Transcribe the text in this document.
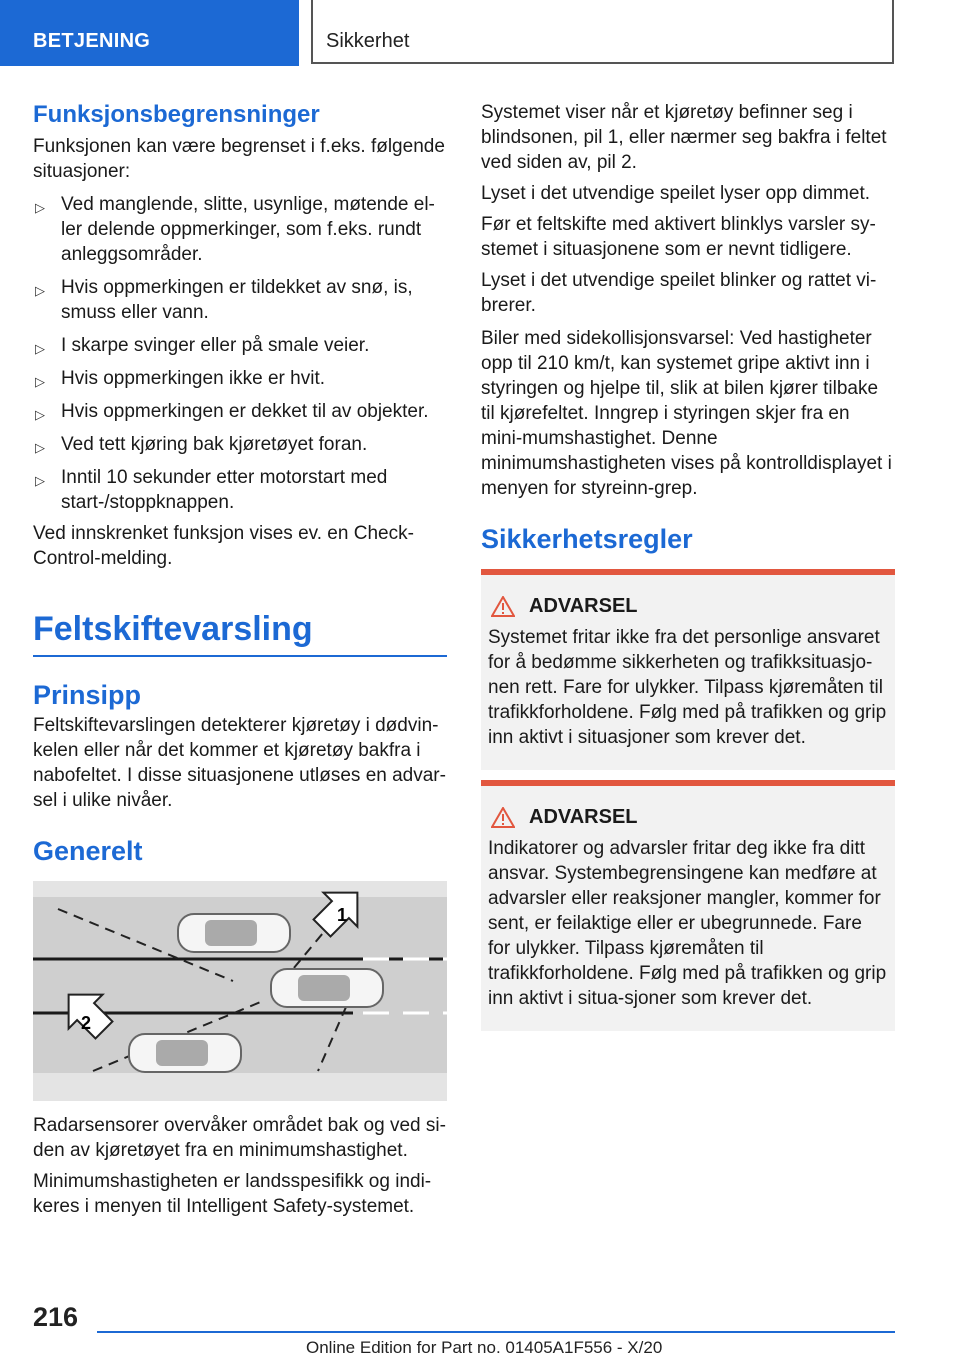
BETJENING	Sikkerhet
Funksjonsbegrensninger

Funksjonen kan være begrenset i f.eks. følgende situasjoner:

▷ Ved manglende, slitte, usynlige, møtende el-ler delende oppmerkinger, som f.eks. rundt anleggsområder.
▷ Hvis oppmerkingen er tildekket av snø, is, smuss eller vann.
▷ I skarpe svinger eller på smale veier.
▷ Hvis oppmerkingen ikke er hvit.
▷ Hvis oppmerkingen er dekket til av objekter.
▷ Ved tett kjøring bak kjøretøyet foran.
▷ Inntil 10 sekunder etter motorstart med start-/stoppknappen.

Ved innskrenket funksjon vises ev. en Check-Control-melding.

Feltskiftevarsling
Prinsipp

Feltskiftevarslingen detekterer kjøretøy i dødvin-kelen eller når det kommer et kjøretøy bakfra i nabofeltet. I disse situasjonene utløses en advar-sel i ulike nivåer.

Generelt
1
2

Radarsensorer overvåker området bak og ved si-den av kjøretøyet fra en minimumshastighet.

Minimumshastigheten er landsspesifikk og indi-keres i menyen til Intelligent Safety-systemet.

Systemet viser når et kjøretøy befinner seg i blindsonen, pil 1, eller nærmer seg bakfra i feltet ved siden av, pil 2.

Lyset i det utvendige speilet lyser opp dimmet.

Før et feltskifte med aktivert blinklys varsler sy-stemet i situasjonene som er nevnt tidligere.

Lyset i det utvendige speilet blinker og rattet vi-brerer.

Biler med sidekollisjonsvarsel: Ved hastigheter opp til 210 km/t, kan systemet gripe aktivt inn i styringen og hjelpe til, slik at bilen kjører tilbake til kjørefeltet. Inngrep i styringen skjer fra en mini-mumshastighet. Denne minimumshastigheten vises på kontrolldisplayet i menyen for styreinn-grep.

Sikkerhetsregler
ADVARSEL

Systemet fritar ikke fra det personlige ansvaret for å bedømme sikkerheten og trafikksituasjo-nen rett. Fare for ulykker. Tilpass kjøremåten til trafikkforholdene. Følg med på trafikken og grip inn aktivt i situasjoner som krever det.

ADVARSEL

Indikatorer og advarsler fritar deg ikke fra ditt ansvar. Systembegrensingene kan medføre at advarsler eller reaksjoner mangler, kommer for sent, er feilaktige eller er ubegrunnede. Fare for ulykker. Tilpass kjøremåten til trafikkforholdene. Følg med på trafikken og grip inn aktivt i situa-sjoner som krever det.

216
Online Edition for Part no. 01405A1F556 - X/20
